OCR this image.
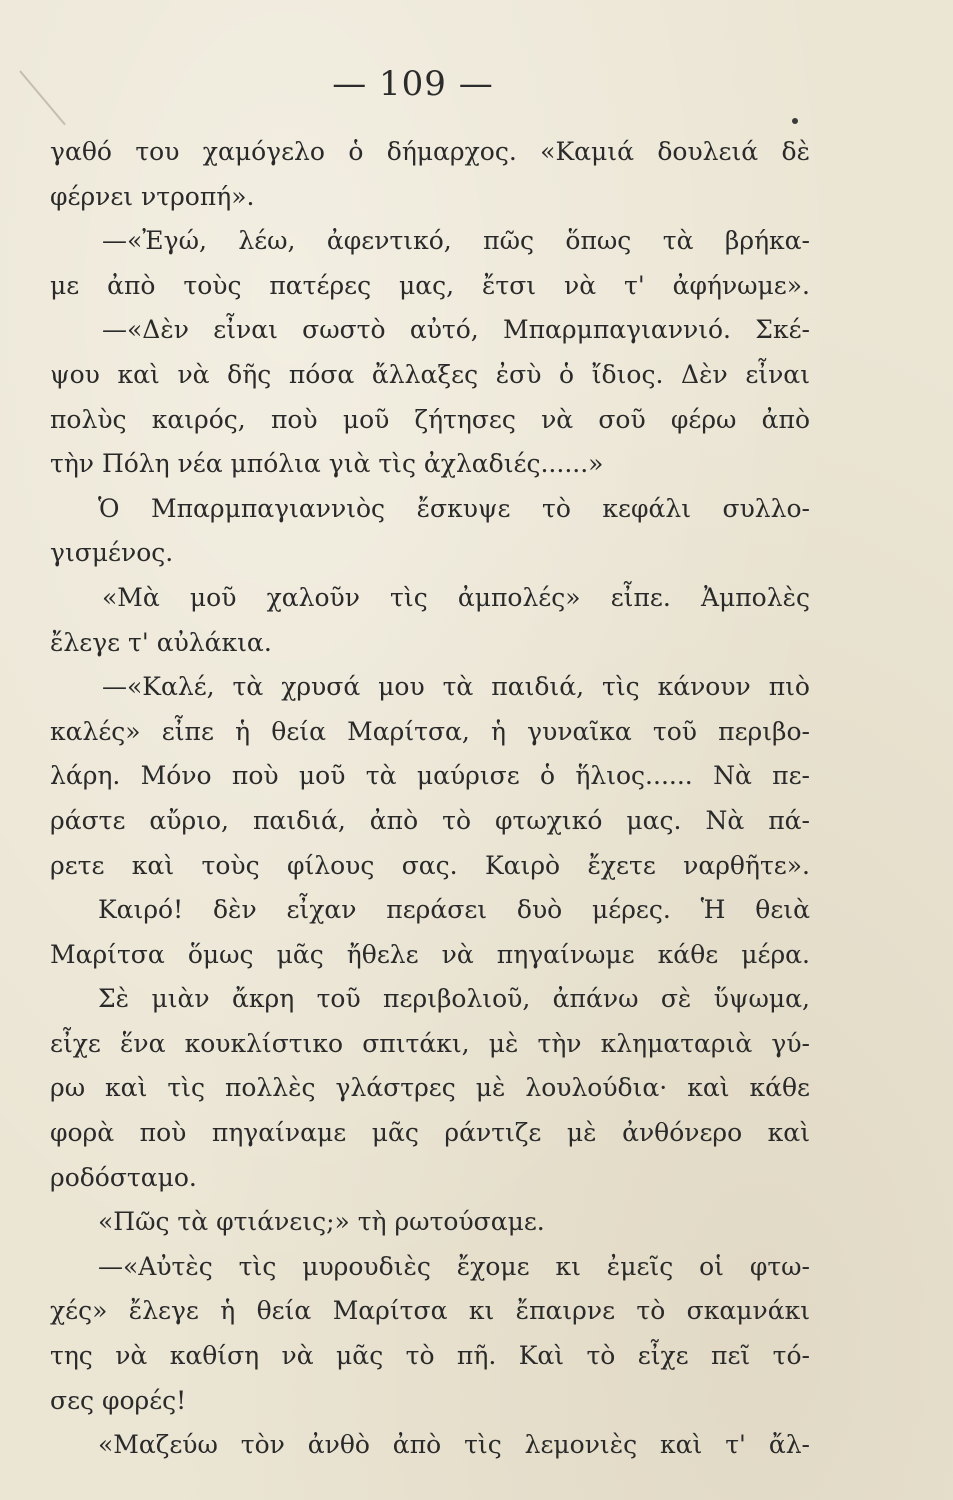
— 109 —
γαθό του χαμόγελο ὁ δήμαρχος. «Καμιά δουλειά δὲ
φέρνει ντροπή».
—«Ἐγώ, λέω, ἀφεντικό, πῶς ὅπως τὰ βρήκα-
με ἀπὸ τοὺς πατέρες μας, ἔτσι νὰ τ' ἀφήνωμε».
—«Δὲν εἶναι σωστὸ αὐτό, Μπαρμπαγιαννιό. Σκέ-
ψου καὶ νὰ δῆς πόσα ἄλλαξες ἐσὺ ὁ ἴδιος. Δὲν εἶναι
πολὺς καιρός, ποὺ μοῦ ζήτησες νὰ σοῦ φέρω ἀπὸ
τὴν Πόλη νέα μπόλια γιὰ τὶς ἀχλαδιές......»
Ὁ Μπαρμπαγιαννιὸς ἔσκυψε τὸ κεφάλι συλλο-
γισμένος.
«Μὰ μοῦ χαλοῦν τὶς ἀμπολές» εἶπε. Ἀμπολὲς
ἔλεγε τ' αὐλάκια.
—«Καλέ, τὰ χρυσά μου τὰ παιδιά, τὶς κάνουν πιὸ
καλές» εἶπε ἡ θεία Μαρίτσα, ἡ γυναῖκα τοῦ περιβο-
λάρη. Μόνο ποὺ μοῦ τὰ μαύρισε ὁ ἥλιος...... Νὰ πε-
ράστε αὔριο, παιδιά, ἀπὸ τὸ φτωχικό μας. Νὰ πά-
ρετε καὶ τοὺς φίλους σας. Καιρὸ ἔχετε ναρθῆτε».
Καιρό! δὲν εἶχαν περάσει δυὸ μέρες. Ἡ θειὰ
Μαρίτσα ὅμως μᾶς ἤθελε νὰ πηγαίνωμε κάθε μέρα.
Σὲ μιὰν ἄκρη τοῦ περιβολιοῦ, ἀπάνω σὲ ὕψωμα,
εἶχε ἕνα κουκλίστικο σπιτάκι, μὲ τὴν κληματαριὰ γύ-
ρω καὶ τὶς πολλὲς γλάστρες μὲ λουλούδια· καὶ κάθε
φορὰ ποὺ πηγαίναμε μᾶς ράντιζε μὲ ἀνθόνερο καὶ
ροδόσταμο.
«Πῶς τὰ φτιάνεις;» τὴ ρωτούσαμε.
—«Αὐτὲς τὶς μυρουδιὲς ἔχομε κι ἐμεῖς οἱ φτω-
χές» ἔλεγε ἡ θεία Μαρίτσα κι ἔπαιρνε τὸ σκαμνάκι
της νὰ καθίση νὰ μᾶς τὸ πῆ. Καὶ τὸ εἶχε πεῖ τό-
σες φορές!
«Μαζεύω τὸν ἀνθὸ ἀπὸ τὶς λεμονιὲς καὶ τ' ἄλ-
